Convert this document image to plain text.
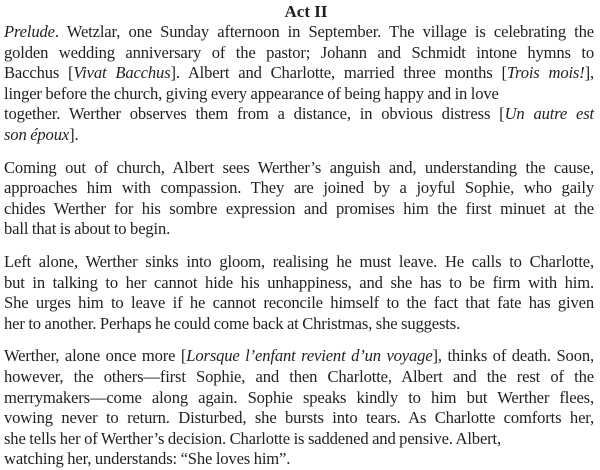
Act II

Prelude. Wetzlar, one Sunday afternoon in September. The village is celebrating the
golden wedding anniversary of the pastor; Johann and Schmidt intone hymns to
Bacchus [Vivat Bacchus]. Albert and Charlotte, married three months [Trois mois!],
linger before the church, giving every appearance of being happy and in love
together. Werther observes them from a distance, in obvious distress [Un autre est
son époux].

Coming out of church, Albert sees Werther’s anguish and, understanding the cause,
approaches him with compassion. They are joined by a joyful Sophie, who gaily
chides Werther for his sombre expression and promises him the first minuet at the
ball that is about to begin.

Left alone, Werther sinks into gloom, realising he must leave. He calls to Charlotte,
but in talking to her cannot hide his unhappiness, and she has to be firm with him.
She urges him to leave if he cannot reconcile himself to the fact that fate has given
her to another. Perhaps he could come back at Christmas, she suggests.

Werther, alone once more [Lorsque l’enfant revient d’un voyage], thinks of death. Soon,
however, the others—first Sophie, and then Charlotte, Albert and the rest of the
merrymakers—come along again. Sophie speaks kindly to him but Werther flees,
vowing never to return. Disturbed, she bursts into tears. As Charlotte comforts her,
she tells her of Werther’s decision. Charlotte is saddened and pensive. Albert,
watching her, understands: “She loves him”.
